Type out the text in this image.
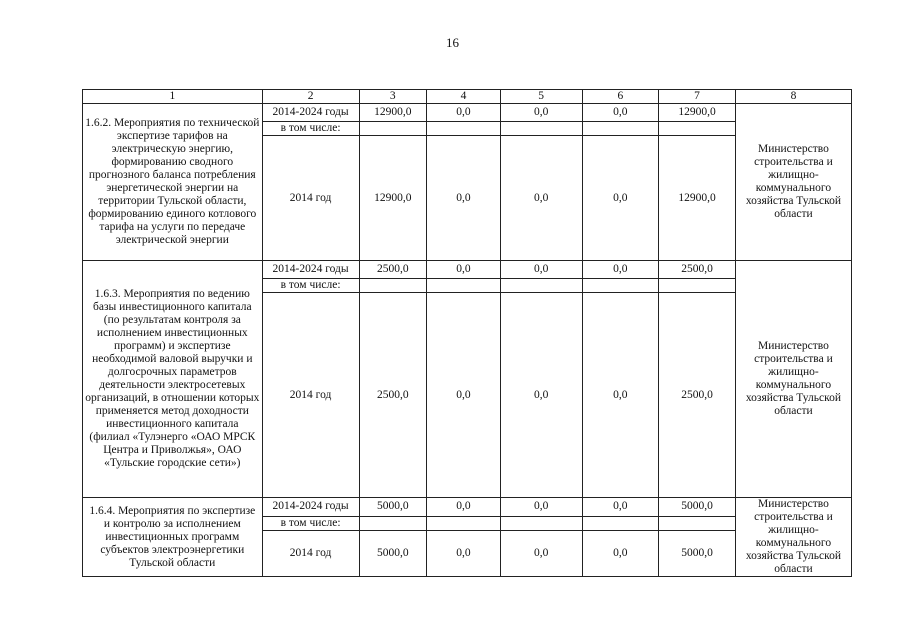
16
1	2	3	4	5	6	7	8
1.6.2. Мероприятия по технической экспертизе тарифов на электрическую энергию, формированию сводного прогнозного баланса потребления энергетической энергии на территории Тульской области, формированию единого котлового тарифа на услуги по передаче электрической энергии	2014-2024 годы	12900,0	0,0	0,0	0,0	12900,0	Министерство строительства и жилищно-коммунального хозяйства Тульской области
	в том числе:						
	2014 год	12900,0	0,0	0,0	0,0	12900,0	
1.6.3. Мероприятия по ведению базы инвестиционного капитала (по результатам контроля за исполнением инвестиционных программ) и экспертизе необходимой валовой выручки и долгосрочных параметров деятельности электросетевых организаций, в отношении которых применяется метод доходности инвестиционного капитала (филиал «Тулэнерго «ОАО МРСК Центра и Приволжья», ОАО «Тульские городские сети»)	2014-2024 годы	2500,0	0,0	0,0	0,0	2500,0	Министерство строительства и жилищно-коммунального хозяйства Тульской области
	в том числе:						
	2014 год	2500,0	0,0	0,0	0,0	2500,0	
1.6.4. Мероприятия по экспертизе и контролю за исполнением инвестиционных программ субъектов электроэнергетики Тульской области	2014-2024 годы	5000,0	0,0	0,0	0,0	5000,0	Министерство строительства и жилищно-коммунального хозяйства Тульской области
	в том числе:						
	2014 год	5000,0	0,0	0,0	0,0	5000,0	
